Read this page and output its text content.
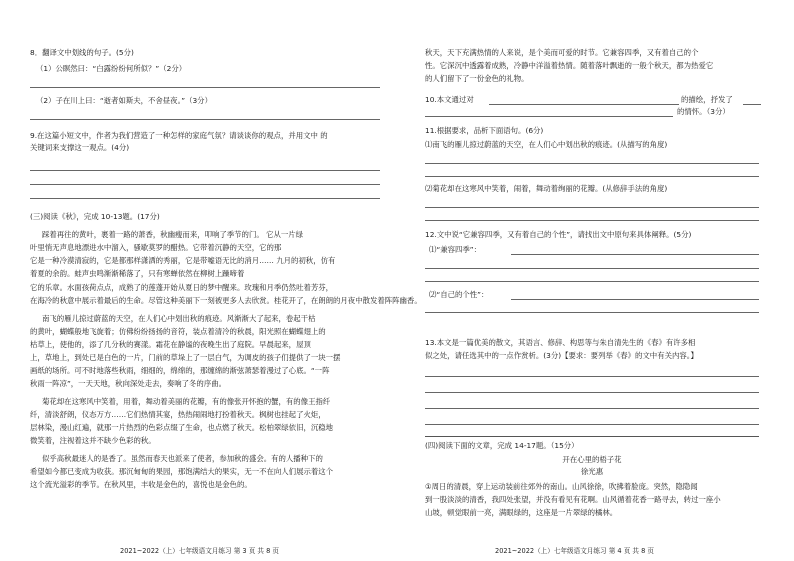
8．翻译文中划线的句子。(5分)
（1）公瞑然曰：“白露纷纷何所似？”（2分）
（2）子在川上曰：“逝者如斯夫，不舍昼夜。”（3分）
9.在这篇小短文中，作者为我们营造了一种怎样的家庭气氛？请谈谈你的观点，并用文中 的
关键词来支撑这一观点。(4分)
(三)阅读《秋》，完成 10-13题。(17分)
踩着再往的黄叶，裹着一路的萧香，秋幽瘦而来，叩响了季节的门。 它从一片绿
叶里悄无声息地漂进水中溜入，骚歇莫罗的醋热。它带着沉静的天空，它的那
它是一种冷漠清寂的，它是都那样潇洒的秀丽，它是带嘘语无比的消月…… 九月的初秋，仿有
着夏的余韵。蛙声虫鸣渐渐稀落了，只有寒蝉依然在柳树上躁啼着
它的乐章。水面孩荷点点，成熟了的莲蓬开始从夏日的梦中醒来。玫瑰和月季仍然吐着芳芬，
在海冷的秋意中展示着最后的生命。尽管这种美丽下一刻被更多人去欣赏。桂花开了，在朗朗的月夜中散发着阵阵幽香。
南飞的雁儿掠过蔚蓝的天空，在人们心中划出秋的痕迹。风渐渐大了起来，卷起干枯
的黄叶，蝴蝶般地飞旋着；仿佛纷纷扬扬的音符，装点着清冷的秋晨，阳光照在蝴蝶翅上的
枯草上，使他的，添了几分秋的赛漾。霜花在静谧的夜晚生出了庭院。早晨起来，屋顶
上，草地上，到处已是白色的一片，门前的草垛上了一层白气，为调皮的孩子们提供了一块一摆
画纸的场所。可不时地落些秋雨，细细的，绵绵的，那缠绵的渐弦萧瑟着漫过了心底。“一阵
秋雨一阵凉”，一天天地，秋向深处走去，奏响了冬的序曲。
菊花却在这寒风中笑着，用着，舞动着美丽的花瓣，有的像张开怀抱的蟹，有的像王指纤
纤，清淡舒朗，仪态万方……它们热情其宴，热热闹闹地打扮着秋天。枫树也挂起了火炬，
层林染，漫山红遍，就那一片热烈的色彩点缀了生命，也点燃了秋天。松柏翠绿依旧，沉稳地
微笑着，注视着这并不缺少色彩的秋。
似乎高秋最迷人的是香了。虽然而春天也派来了使者，参加秋的盛会。有的人播种下的
希望如今都已变成为收获。那沉甸甸的果园，那饱满结大的果实，无一不在向人们展示着这个
这个流光溢彩的季节。在秋风里，丰收是金色的，喜悦也是金色的。
2021~2022（上）七年级语文月练习 第 3 页 共 8 页
秋天，天下充满热情的人来说，是个美而可爱的时节。它兼容四季，又有着自己的个
性。它深沉中透露着成熟，冷静中洋溢着热情。随着落叶飘逝的一般个秋天，都为热爱它
的人们留下了一份金色的礼物。
10.本文通过对	的描绘，抒发了
的情怀。（3分）
11.根据要求，品析下面语句。(6分)
⑴南飞的雁儿掠过蔚蓝的天空，在人们心中划出秋的痕迹。(从描写的角度)
⑵菊花却在这寒风中笑着，闹着，舞动着绚丽的花瓣。(从修辞手法的角度)
12.文中说“它兼容四季，又有着自己的个性”，请找出文中原句来具体阐释。(5分)
⑴“兼容四季”：
⑵“自己的个性”：
13.本文是一篇优美的散文，其语言、修辞、构思等与朱自清先生的《春》有许多相
似之处，请任选其中的一点作赏析。(3分)【要求：要列举《春》的文中有关内容。】
(四)阅读下面的文章，完成 14-17题。（15分）
开在心里的梧子花
徐光惠
①周日的清晨，穿上运动装前往郊外的南山。山风徐徐，吹拂着脸庞。突然，隐隐闻
到一股淡淡的清香，我四处张望，并没有看见有花啊。山风循着花香一路寻去，转过一座小
山坡，顿觉眼前一亮，满眼绿的，这座是一片翠绿的橘林。
2021~2022（上）七年级语文月练习 第 4 页 共 8 页
